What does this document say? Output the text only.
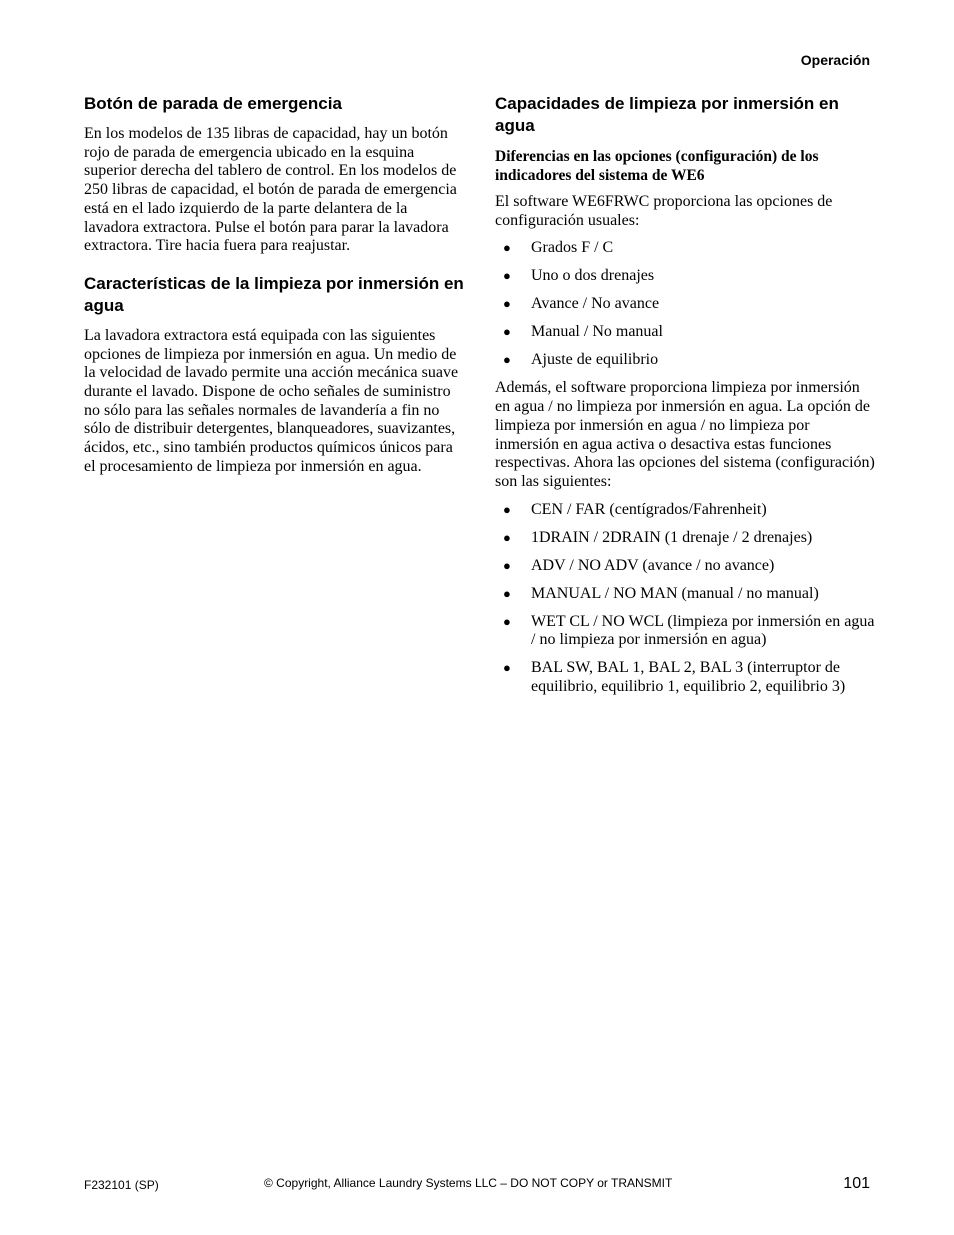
Operación
Botón de parada de emergencia

En los modelos de 135 libras de capacidad, hay un botón rojo de parada de emergencia ubicado en la esquina superior derecha del tablero de control. En los modelos de 250 libras de capacidad, el botón de parada de emergencia está en el lado izquierdo de la parte delantera de la lavadora extractora. Pulse el botón para parar la lavadora extractora. Tire hacia fuera para reajustar.

Características de la limpieza por inmersión en agua

La lavadora extractora está equipada con las siguientes opciones de limpieza por inmersión en agua. Un medio de la velocidad de lavado permite una acción mecánica suave durante el lavado. Dispone de ocho señales de suministro no sólo para las señales normales de lavandería a fin no sólo de distribuir detergentes, blanqueadores, suavizantes, ácidos, etc., sino también productos químicos únicos para el procesamiento de limpieza por inmersión en agua.

Capacidades de limpieza por inmersión en agua
Diferencias en las opciones (configuración) de los indicadores del sistema de WE6

El software WE6FRWC proporciona las opciones de configuración usuales:

● Grados F / C
● Uno o dos drenajes
● Avance / No avance
● Manual / No manual
● Ajuste de equilibrio

Además, el software proporciona limpieza por inmersión en agua / no limpieza por inmersión en agua. La opción de limpieza por inmersión en agua / no limpieza por inmersión en agua activa o desactiva estas funciones respectivas. Ahora las opciones del sistema (configuración) son las siguientes:

● CEN / FAR (centígrados/Fahrenheit)
● 1DRAIN / 2DRAIN (1 drenaje / 2 drenajes)
● ADV / NO ADV (avance / no avance)
● MANUAL / NO MAN (manual / no manual)
● WET CL / NO WCL (limpieza por inmersión en agua / no limpieza por inmersión en agua)
● BAL SW, BAL 1, BAL 2, BAL 3 (interruptor de equilibrio, equilibrio 1, equilibrio 2, equilibrio 3)
F232101 (SP)	© Copyright, Alliance Laundry Systems LLC – DO NOT COPY or TRANSMIT	101
